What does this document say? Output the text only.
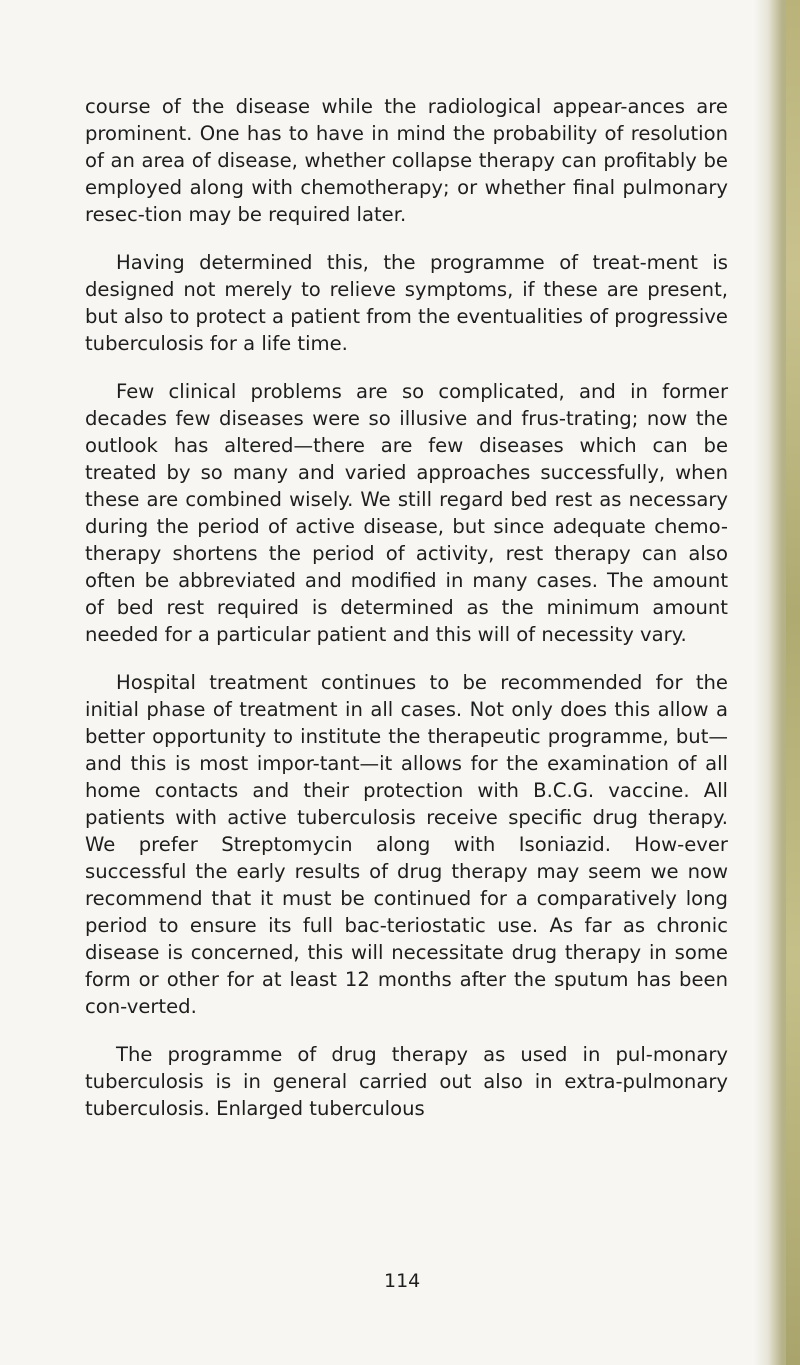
course of the disease while the radiological appear-ances are prominent. One has to have in mind the probability of resolution of an area of disease, whether collapse therapy can profitably be employed along with chemotherapy; or whether final pulmonary resec-tion may be required later.

Having determined this, the programme of treat-ment is designed not merely to relieve symptoms, if these are present, but also to protect a patient from the eventualities of progressive tuberculosis for a life time.

Few clinical problems are so complicated, and in former decades few diseases were so illusive and frus-trating; now the outlook has altered—there are few diseases which can be treated by so many and varied approaches successfully, when these are combined wisely. We still regard bed rest as necessary during the period of active disease, but since adequate chemo-therapy shortens the period of activity, rest therapy can also often be abbreviated and modified in many cases. The amount of bed rest required is determined as the minimum amount needed for a particular patient and this will of necessity vary.

Hospital treatment continues to be recommended for the initial phase of treatment in all cases. Not only does this allow a better opportunity to institute the therapeutic programme, but—and this is most impor-tant—it allows for the examination of all home contacts and their protection with B.C.G. vaccine. All patients with active tuberculosis receive specific drug therapy. We prefer Streptomycin along with Isoniazid. How-ever successful the early results of drug therapy may seem we now recommend that it must be continued for a comparatively long period to ensure its full bac-teriostatic use. As far as chronic disease is concerned, this will necessitate drug therapy in some form or other for at least 12 months after the sputum has been con-verted.

The programme of drug therapy as used in pul-monary tuberculosis is in general carried out also in extra-pulmonary tuberculosis. Enlarged tuberculous

114
